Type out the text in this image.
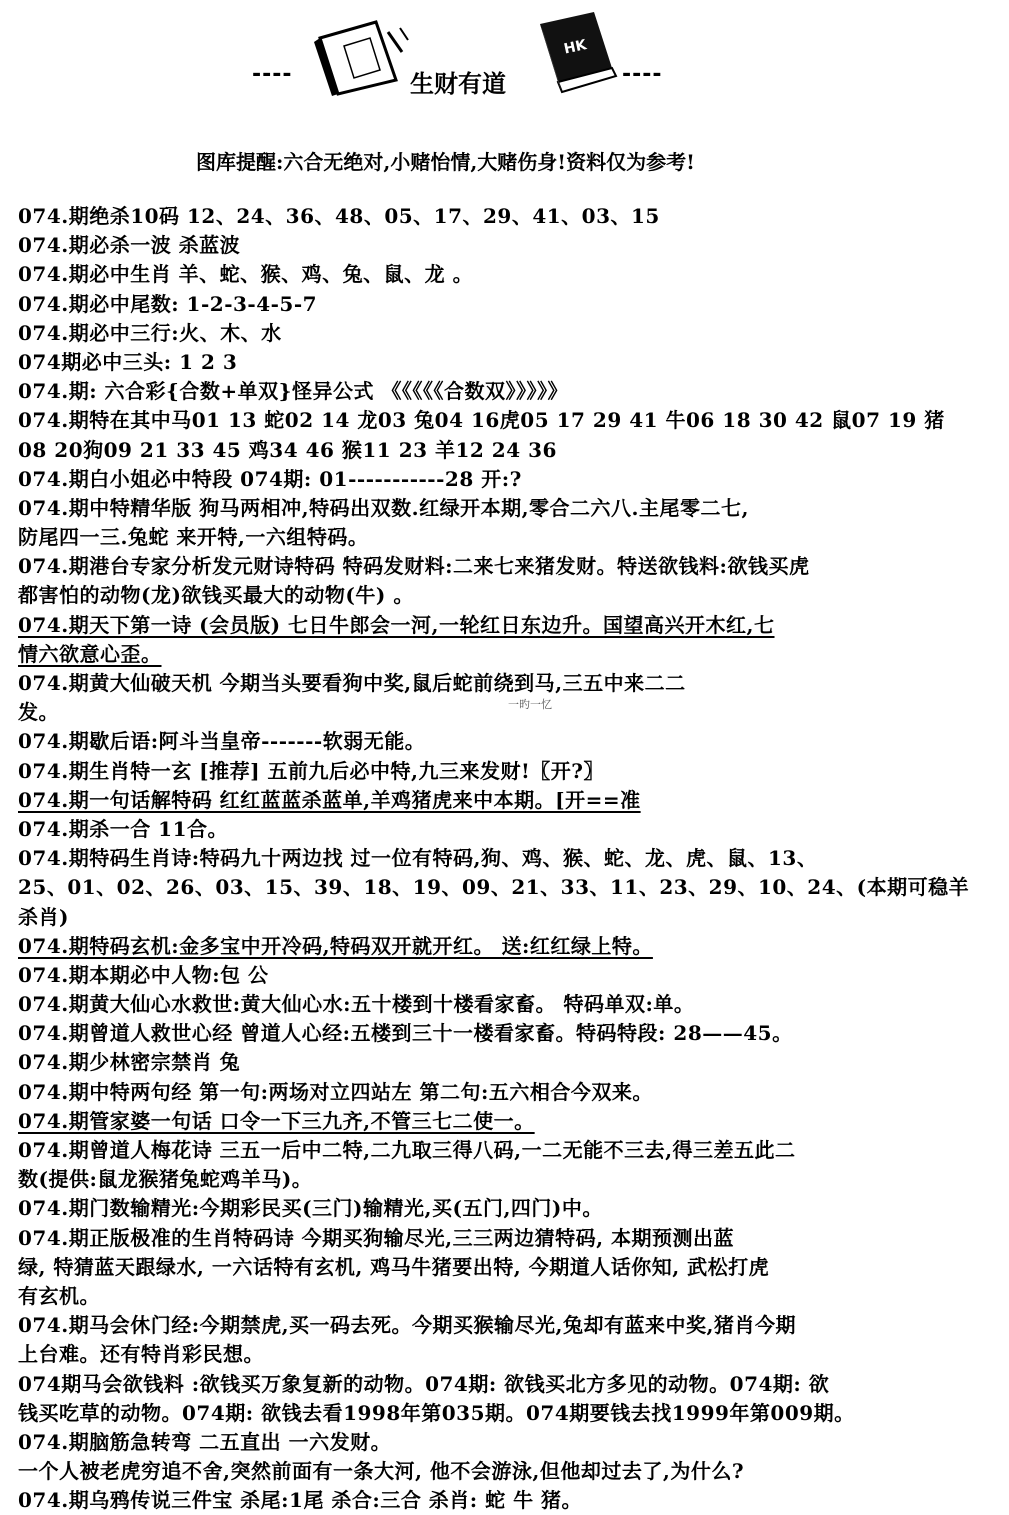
----	生财有道
HK
----
图库提醒:六合无绝对,小赌怡情,大赌伤身!资料仅为参考!
074.期绝杀10码 12、24、36、48、05、17、29、41、03、15
074.期必杀一波 杀蓝波
074.期必中生肖 羊、蛇、猴、鸡、兔、鼠、龙 。
074.期必中尾数: 1-2-3-4-5-7
074.期必中三行:火、木、水
074期必中三头: 1 2 3
074.期: 六合彩{合数+单双}怪异公式 《《《《《合数双》》》》》
074.期特在其中马01 13 蛇02 14 龙03 兔04 16虎05 17 29 41 牛06 18 30 42 鼠07 19 猪
08 20狗09 21 33 45 鸡34 46 猴11 23 羊12 24 36
074.期白小姐必中特段 074期: 01-----------28 开:?
074.期中特精华版 狗马两相冲,特码出双数.红绿开本期,零合二六八.主尾零二七,
防尾四一三.兔蛇 来开特,一六组特码。
074.期港台专家分析发元财诗特码 特码发财料:二来七来猪发财。特送欲钱料:欲钱买虎
都害怕的动物(龙)欲钱买最大的动物(牛) 。
074.期天下第一诗 (会员版) 七日牛郎会一河,一轮红日东边升。国望高兴开木红,七
情六欲意心歪。
074.期黄大仙破天机 今期当头要看狗中奖,鼠后蛇前绕到马,三五中来二二
发。
074.期歇后语:阿斗当皇帝-------软弱无能。
074.期生肖特一玄 [推荐] 五前九后必中特,九三来发财!〖开?〗
074.期一句话解特码 红红蓝蓝杀蓝单,羊鸡猪虎来中本期。[开==准
074.期杀一合 11合。
074.期特码生肖诗:特码九十两边找 过一位有特码,狗、鸡、猴、蛇、龙、虎、鼠、13、
25、01、02、26、03、15、39、18、19、09、21、33、11、23、29、10、24、(本期可稳羊
杀肖)
074.期特码玄机:金多宝中开冷码,特码双开就开红。 送:红红绿上特。
074.期本期必中人物:包 公
074.期黄大仙心水救世:黄大仙心水:五十楼到十楼看家畜。 特码单双:单。
074.期曾道人救世心经 曾道人心经:五楼到三十一楼看家畜。特码特段: 28——45。
074.期少林密宗禁肖 兔
074.期中特两句经 第一句:两场对立四站左 第二句:五六相合今双来。
074.期管家婆一句话 口令一下三九齐,不管三七二使一。
074.期曾道人梅花诗 三五一后中二特,二九取三得八码,一二无能不三去,得三差五此二
数(提供:鼠龙猴猪兔蛇鸡羊马)。
074.期门数输精光:今期彩民买(三门)输精光,买(五门,四门)中。
074.期正版极准的生肖特码诗 今期买狗输尽光,三三两边猜特码, 本期预测出蓝
绿, 特猜蓝天跟绿水, 一六话特有玄机, 鸡马牛猪要出特, 今期道人话你知, 武松打虎
有玄机。
074.期马会休门经:今期禁虎,买一码去死。今期买猴输尽光,兔却有蓝来中奖,猪肖今期
上台难。还有特肖彩民想。
074期马会欲钱料 :欲钱买万象复新的动物。074期: 欲钱买北方多见的动物。074期: 欲
钱买吃草的动物。074期: 欲钱去看1998年第035期。074期要钱去找1999年第009期。
074.期脑筋急转弯 二五直出 一六发财。
一个人被老虎穷追不舍,突然前面有一条大河, 他不会游泳,但他却过去了,为什么?
074.期乌鸦传说三件宝 杀尾:1尾 杀合:三合 杀肖: 蛇 牛 猪。
一旳一忆
